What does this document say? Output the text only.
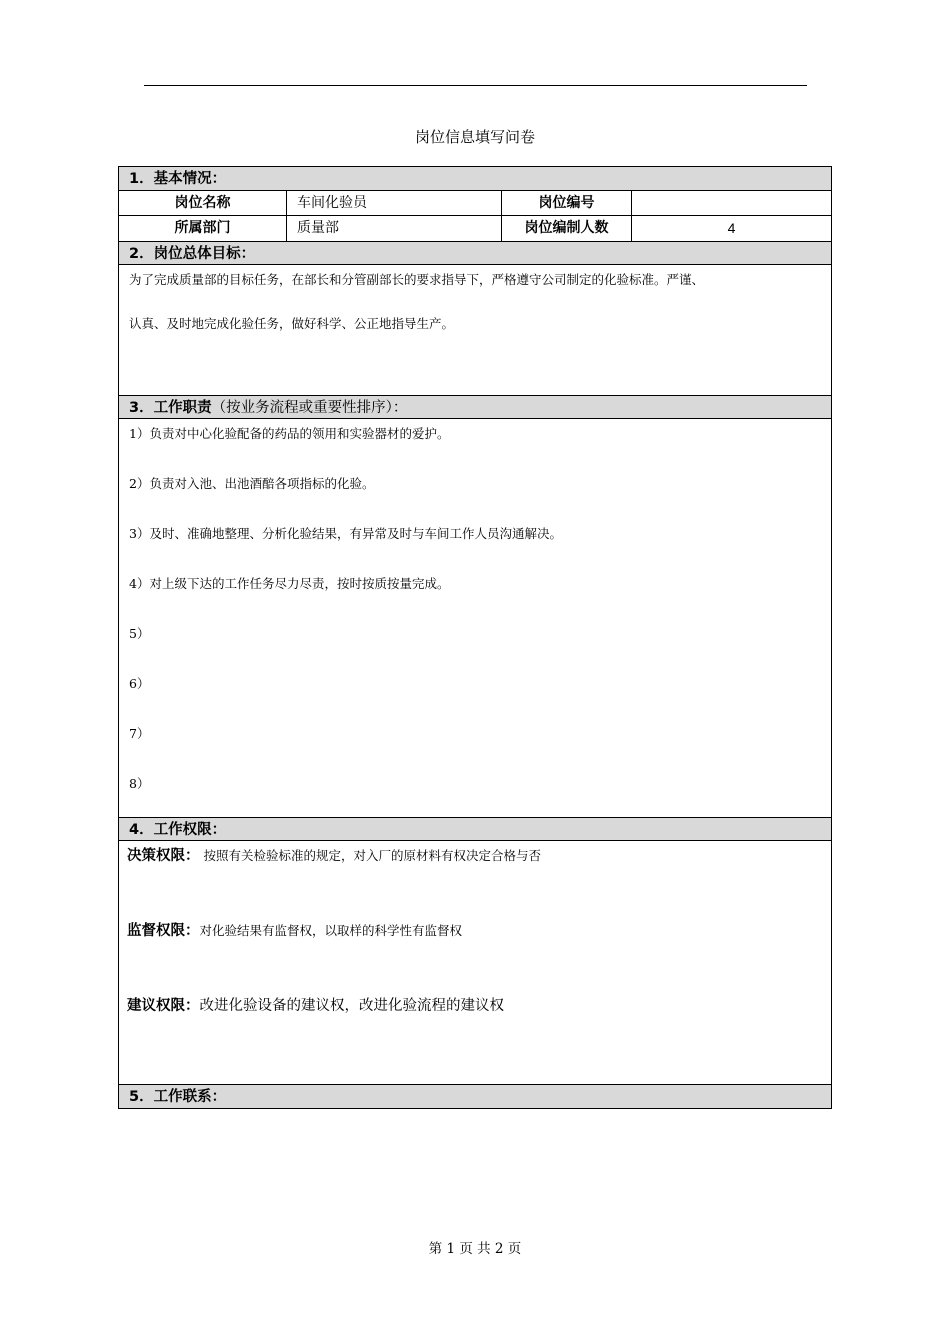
岗位信息填写问卷
1．基本情况：
岗位名称	车间化验员	岗位编号
所属部门	质量部	岗位编制人数	4
2．岗位总体目标：

为了完成质量部的目标任务，在部长和分管副部长的要求指导下，严格遵守公司制定的化验标准。严谨、

认真、及时地完成化验任务，做好科学、公正地指导生产。

3．工作职责（按业务流程或重要性排序）：
1）负责对中心化验配备的药品的领用和实验器材的爱护。
2）负责对入池、出池酒醅各项指标的化验。
3）及时、准确地整理、分析化验结果，有异常及时与车间工作人员沟通解决。
4）对上级下达的工作任务尽力尽责，按时按质按量完成。
5）
6）
7）
8）
4．工作权限：
决策权限： 按照有关检验标准的规定，对入厂的原材料有权决定合格与否
监督权限：对化验结果有监督权，以取样的科学性有监督权
建议权限：改进化验设备的建议权，改进化验流程的建议权
5．工作联系：
第 1 页 共 2 页
